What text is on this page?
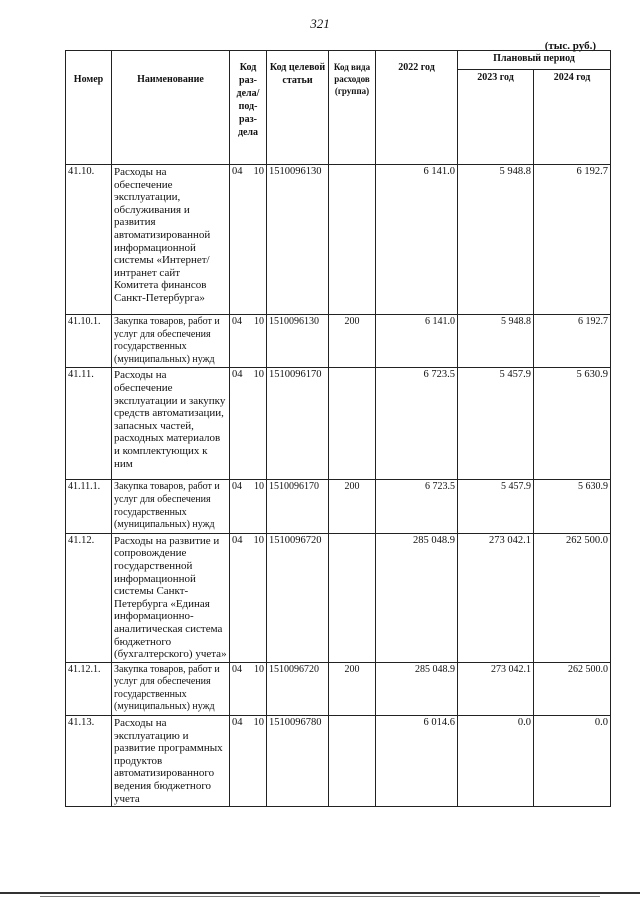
321
(тыс. руб.)
Номер	Наименование	Код раз-дела/ под-раз-дела	Код целевой статьи	Код вида расходов (группа)	2022 год	Плановый период	
						2023 год	2024 год
41.10.	Расходы на обеспечение эксплуатации, обслуживания и развития автоматизированной информационной системы «Интернет/интранет сайт Комитета финансов Санкт-Петербурга»	04 10	1510096130		6 141.0	5 948.8	6 192.7
41.10.1.	Закупка товаров, работ и услуг для обеспечения государственных (муниципальных) нужд	04 10	1510096130	200	6 141.0	5 948.8	6 192.7
41.11.	Расходы на обеспечение эксплуатации и закупку средств автоматизации, запасных частей, расходных материалов и комплектующих к ним	04 10	1510096170		6 723.5	5 457.9	5 630.9
41.11.1.	Закупка товаров, работ и услуг для обеспечения государственных (муниципальных) нужд	04 10	1510096170	200	6 723.5	5 457.9	5 630.9
41.12.	Расходы на развитие и сопровождение государственной информационной системы Санкт-Петербурга «Единая информационно-аналитическая система бюджетного (бухгалтерского) учета»	04 10	1510096720		285 048.9	273 042.1	262 500.0
41.12.1.	Закупка товаров, работ и услуг для обеспечения государственных (муниципальных) нужд	04 10	1510096720	200	285 048.9	273 042.1	262 500.0
41.13.	Расходы на эксплуатацию и развитие программных продуктов автоматизированного ведения бюджетного учета	04 10	1510096780		6 014.6	0.0	0.0
